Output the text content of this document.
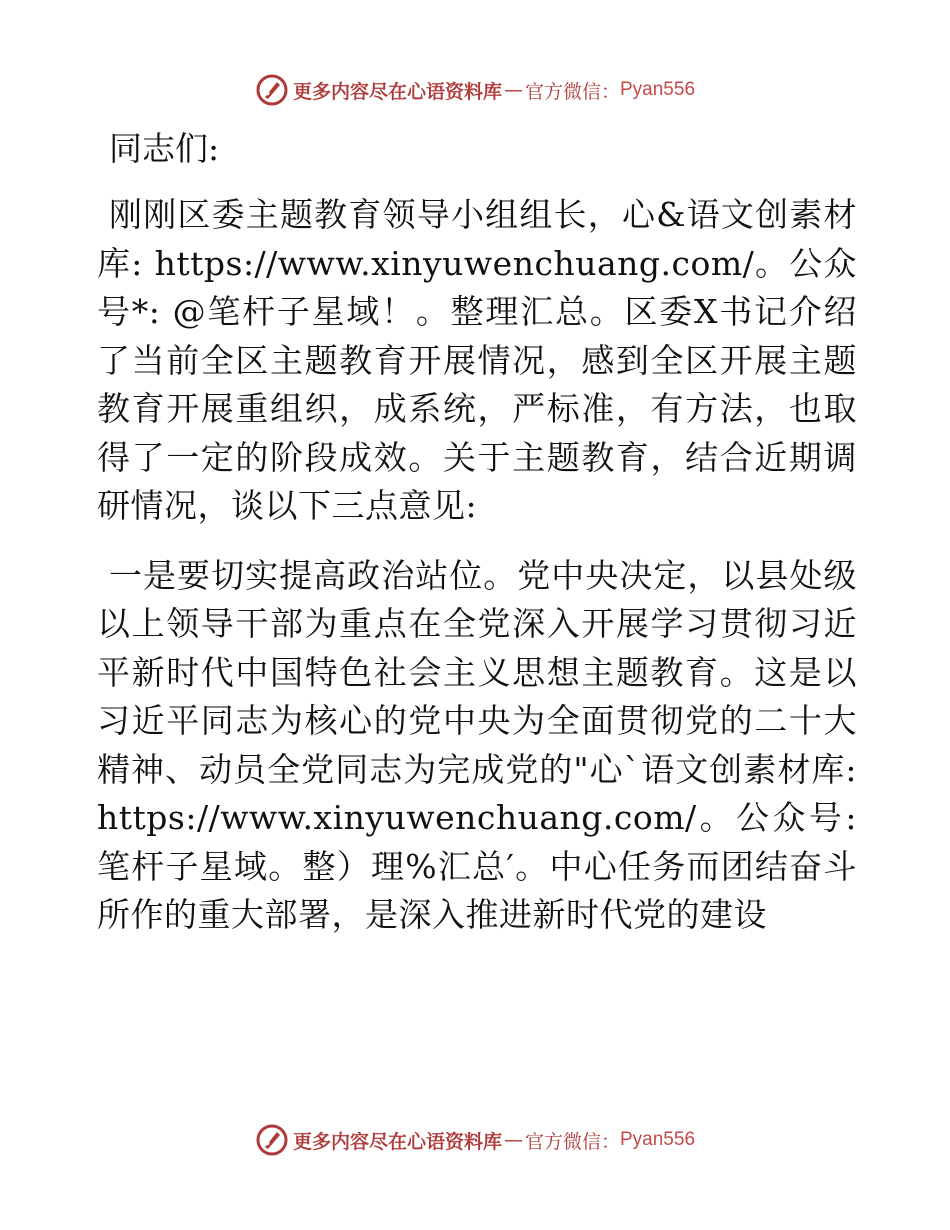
更多内容尽在心语资料库 — 官方微信： Pyan556
同志们:

刚刚区委主题教育领导小组组长，心&语文创素材库: https://www.xinyuwenchuang.com/。公众号*: @笔杆子星域！。整理汇总。区委X书记介绍了当前全区主题教育开展情况，感到全区开展主题教育开展重组织，成系统，严标准，有方法，也取得了一定的阶段成效。关于主题教育，结合近期调研情况，谈以下三点意见:

一是要切实提高政治站位。党中央决定，以县处级以上领导干部为重点在全党深入开展学习贯彻习近平新时代中国特色社会主义思想主题教育。这是以习近平同志为核心的党中央为全面贯彻党的二十大精神、动员全党同志为完成党的"心`语文创素材库: https://www.xinyuwenchuang.com/。公众号: 笔杆子星域。整）理%汇总′。中心任务而团结奋斗所作的重大部署，是深入推进新时代党的建设

更多内容尽在心语资料库 — 官方微信： Pyan556
